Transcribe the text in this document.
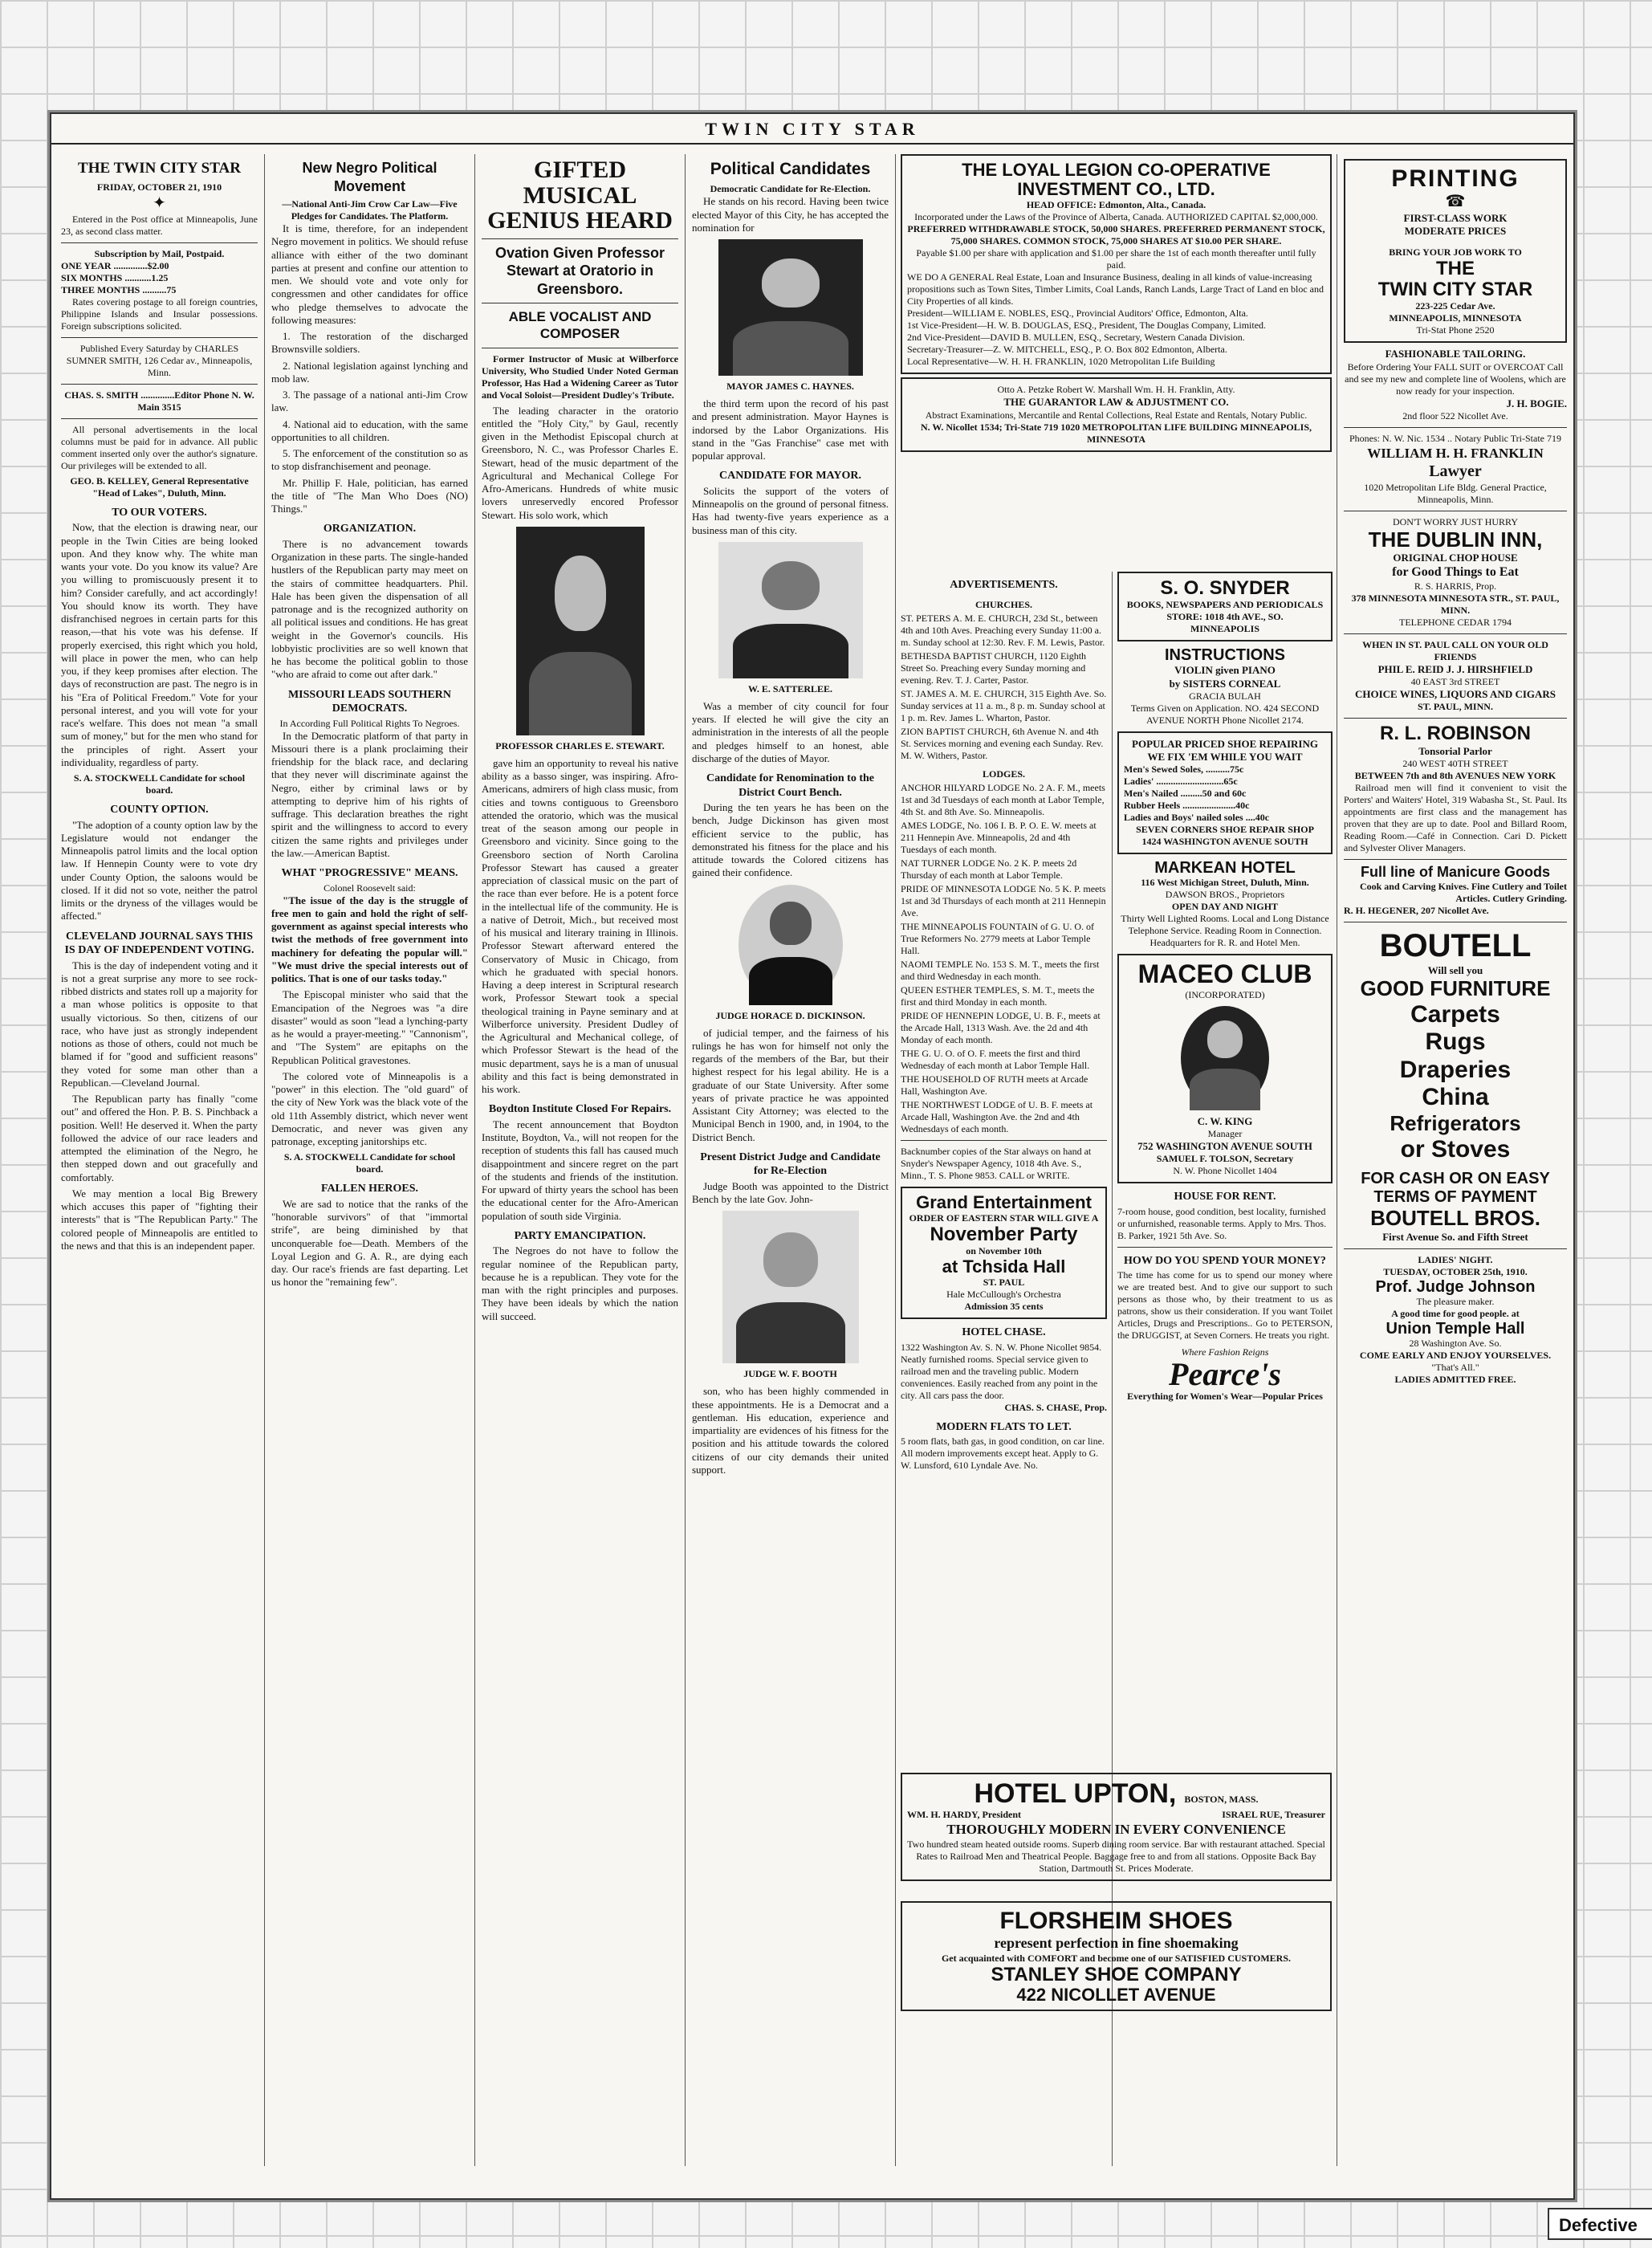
TWIN CITY STAR
THE TWIN CITY STAR
FRIDAY, OCTOBER 21, 1910
✦

Entered in the Post office at Minneapolis, June 23, as second class matter.

Subscription by Mail, Postpaid.
ONE YEAR ..............$2.00
SIX MONTHS ...........1.25
THREE MONTHS ..........75

Rates covering postage to all foreign countries, Philippine Islands and Insular possessions. Foreign subscriptions solicited.

Published Every Saturday by CHARLES SUMNER SMITH, 126 Cedar av., Minneapolis, Minn.
CHAS. S. SMITH ..............Editor Phone N. W. Main 3515

All personal advertisements in the local columns must be paid for in advance. All public comment inserted only over the author's signature. Our privileges will be extended to all.

GEO. B. KELLEY, General Representative "Head of Lakes", Duluth, Minn.
TO OUR VOTERS.

Now, that the election is drawing near, our people in the Twin Cities are being looked upon. And they know why. The white man wants your vote. Do you know its value? Are you willing to promiscuously present it to him? Consider carefully, and act accordingly! You should know its worth. They have disfranchised negroes in certain parts for this reason,—that his vote was his defense. If properly exercised, this right which you hold, will place in power the men, who can help you, if they keep promises after election. The days of reconstruction are past. The negro is in his "Era of Political Freedom." Vote for your personal interest, and you will vote for your race's welfare. This does not mean "a small sum of money," but for the men who stand for the principles of right. Assert your individuality, regardless of party.

S. A. STOCKWELL Candidate for school board.
COUNTY OPTION.

"The adoption of a county option law by the Legislature would not endanger the Minneapolis patrol limits and the local option law. If Hennepin County were to vote dry under County Option, the saloons would be closed. If it did not so vote, neither the patrol limits or the dryness of the villages would be affected."

CLEVELAND JOURNAL SAYS THIS IS DAY OF INDEPENDENT VOTING.

This is the day of independent voting and it is not a great surprise any more to see rock-ribbed districts and states roll up a majority for a man whose politics is opposite to that usually victorious. So then, citizens of our race, who have just as strongly independent notions as those of others, could not much be blamed if for "good and sufficient reasons" they voted for some man other than a Republican.—Cleveland Journal.

The Republican party has finally "come out" and offered the Hon. P. B. S. Pinchback a position. Well! He deserved it. When the party followed the advice of our race leaders and attempted the elimination of the Negro, he then stepped down and out gracefully and comfortably.

We may mention a local Big Brewery which accuses this paper of "fighting their interests" that is "The Republican Party." The colored people of Minneapolis are entitled to the news and that this is an independent paper.

New Negro Political Movement
—National Anti-Jim Crow Car Law—Five Pledges for Candidates. The Platform.

It is time, therefore, for an independent Negro movement in politics. We should refuse alliance with either of the two dominant parties at present and confine our attention to men. We should vote and vote only for congressmen and other candidates for office who pledge themselves to advocate the following measures:

1. The restoration of the discharged Brownsville soldiers.

2. National legislation against lynching and mob law.

3. The passage of a national anti-Jim Crow law.

4. National aid to education, with the same opportunities to all children.

5. The enforcement of the constitution so as to stop disfranchisement and peonage.

Mr. Phillip F. Hale, politician, has earned the title of "The Man Who Does (NO) Things."

ORGANIZATION.

There is no advancement towards Organization in these parts. The single-handed hustlers of the Republican party may meet on the stairs of committee headquarters. Phil. Hale has been given the dispensation of all patronage and is the recognized authority on all political issues and conditions. He has great weight in the Governor's councils. His lobbyistic proclivities are so well known that he has become the political goblin to those "who are afraid to come out after dark."

MISSOURI LEADS SOUTHERN DEMOCRATS.
In According Full Political Rights To Negroes.

In the Democratic platform of that party in Missouri there is a plank proclaiming their friendship for the black race, and declaring that they never will discriminate against the Negro, either by criminal laws or by attempting to deprive him of his rights of suffrage. This declaration breathes the right spirit and the willingness to accord to every citizen the same rights and privileges under the law.—American Baptist.

WHAT "PROGRESSIVE" MEANS.
Colonel Roosevelt said:

"The issue of the day is the struggle of free men to gain and hold the right of self-government as against special interests who twist the methods of free government into machinery for defeating the popular will." "We must drive the special interests out of politics. That is one of our tasks today."

The Episcopal minister who said that the Emancipation of the Negroes was "a dire disaster" would as soon "lead a lynching-party as he would a prayer-meeting." "Cannonism", and "The System" are epitaphs on the Republican Political gravestones.

The colored vote of Minneapolis is a "power" in this election. The "old guard" of the city of New York was the black vote of the old 11th Assembly district, which never went Democratic, and never was given any patronage, excepting janitorships etc.

S. A. STOCKWELL Candidate for school board.
FALLEN HEROES.

We are sad to notice that the ranks of the "honorable survivors" of that "immortal strife", are being diminished by that unconquerable foe—Death. Members of the Loyal Legion and G. A. R., are dying each day. Our race's friends are fast departing. Let us honor the "remaining few".

GIFTED MUSICAL GENIUS HEARD
Ovation Given Professor Stewart at Oratorio in Greensboro.
ABLE VOCALIST AND COMPOSER

Former Instructor of Music at Wilberforce University, Who Studied Under Noted German Professor, Has Had a Widening Career as Tutor and Vocal Soloist—President Dudley's Tribute.

The leading character in the oratorio entitled the "Holy City," by Gaul, recently given in the Methodist Episcopal church at Greensboro, N. C., was Professor Charles E. Stewart, head of the music department of the Agricultural and Mechanical College For Afro-Americans. Hundreds of white music lovers unreservedly encored Professor Stewart. His solo work, which

PROFESSOR CHARLES E. STEWART.

gave him an opportunity to reveal his native ability as a basso singer, was inspiring. Afro-Americans, admirers of high class music, from cities and towns contiguous to Greensboro attended the oratorio, which was the musical treat of the season among our people in Greensboro and vicinity. Since going to the Greensboro section of North Carolina Professor Stewart has caused a greater appreciation of classical music on the part of the race than ever before. He is a potent force in the intellectual life of the community. He is a native of Detroit, Mich., but received most of his musical and literary training in Illinois. Professor Stewart afterward entered the Conservatory of Music in Chicago, from which he graduated with special honors. Having a deep interest in Scriptural research work, Professor Stewart took a special theological training in Payne seminary and at Wilberforce university. President Dudley of the Agricultural and Mechanical college, of which Professor Stewart is the head of the music department, says he is a man of unusual ability and this fact is being demonstrated in his work.

Boydton Institute Closed For Repairs.

The recent announcement that Boydton Institute, Boydton, Va., will not reopen for the reception of students this fall has caused much disappointment and sincere regret on the part of the students and friends of the institution. For upward of thirty years the school has been the educational center for the Afro-American population of south side Virginia.

PARTY EMANCIPATION.

The Negroes do not have to follow the regular nominee of the Republican party, because he is a republican. They vote for the man with the right principles and purposes. They have been ideals by which the nation will succeed.

Political Candidates
Democratic Candidate for Re-Election.

He stands on his record. Having been twice elected Mayor of this City, he has accepted the nomination for

MAYOR JAMES C. HAYNES.

the third term upon the record of his past and present administration. Mayor Haynes is indorsed by the Labor Organizations. His stand in the "Gas Franchise" case met with popular approval.

CANDIDATE FOR MAYOR.

Solicits the support of the voters of Minneapolis on the ground of personal fitness. Has had twenty-five years experience as a business man of this city.

W. E. SATTERLEE.

Was a member of city council for four years. If elected he will give the city an administration in the interests of all the people and pledges himself to an honest, able discharge of the duties of Mayor.

Candidate for Renomination to the District Court Bench.

During the ten years he has been on the bench, Judge Dickinson has given most efficient service to the public, has demonstrated his fitness for the place and his attitude towards the Colored citizens has gained their confidence.

JUDGE HORACE D. DICKINSON.

of judicial temper, and the fairness of his rulings he has won for himself not only the regards of the members of the Bar, but their highest respect for his legal ability. He is a graduate of our State University. After some years of private practice he was appointed Assistant City Attorney; was elected to the Municipal Bench in 1900, and, in 1904, to the District Bench.

Present District Judge and Candidate for Re-Election

Judge Booth was appointed to the District Bench by the late Gov. John-

JUDGE W. F. BOOTH

son, who has been highly commended in these appointments. He is a Democrat and a gentleman. His education, experience and impartiality are evidences of his fitness for the position and his attitude towards the colored citizens of our city demands their united support.

THE LOYAL LEGION CO-OPERATIVE INVESTMENT CO., LTD.
HEAD OFFICE: Edmonton, Alta., Canada.
Incorporated under the Laws of the Province of Alberta, Canada. AUTHORIZED CAPITAL $2,000,000.
PREFERRED WITHDRAWABLE STOCK, 50,000 SHARES. PREFERRED PERMANENT STOCK, 75,000 SHARES. COMMON STOCK, 75,000 SHARES AT $10.00 PER SHARE.
Payable $1.00 per share with application and $1.00 per share the 1st of each month thereafter until fully paid.
WE DO A GENERAL Real Estate, Loan and Insurance Business, dealing in all kinds of value-increasing propositions such as Town Sites, Timber Limits, Coal Lands, Ranch Lands, Large Tract of Land en bloc and City Properties of all kinds.
President—WILLIAM E. NOBLES, ESQ., Provincial Auditors' Office, Edmonton, Alta.
1st Vice-President—H. W. B. DOUGLAS, ESQ., President, The Douglas Company, Limited.
2nd Vice-President—DAVID B. MULLEN, ESQ., Secretary, Western Canada Division.
Secretary-Treasurer—Z. W. MITCHELL, ESQ., P. O. Box 802 Edmonton, Alberta.
Local Representative—W. H. H. FRANKLIN, 1020 Metropolitan Life Building
Otto A. Petzke Robert W. Marshall Wm. H. H. Franklin, Atty.
THE GUARANTOR LAW & ADJUSTMENT CO.
Abstract Examinations, Mercantile and Rental Collections, Real Estate and Rentals, Notary Public.
N. W. Nicollet 1534; Tri-State 719 1020 METROPOLITAN LIFE BUILDING MINNEAPOLIS, MINNESOTA
ADVERTISEMENTS.
CHURCHES.
ST. PETERS A. M. E. CHURCH, 23d St., between 4th and 10th Aves. Preaching every Sunday 11:00 a. m. Sunday school at 12:30. Rev. F. M. Lewis, Pastor.
BETHESDA BAPTIST CHURCH, 1120 Eighth Street So. Preaching every Sunday morning and evening. Rev. T. J. Carter, Pastor.
ST. JAMES A. M. E. CHURCH, 315 Eighth Ave. So. Sunday services at 11 a. m., 8 p. m. Sunday school at 1 p. m. Rev. James L. Wharton, Pastor.
ZION BAPTIST CHURCH, 6th Avenue N. and 4th St. Services morning and evening each Sunday. Rev. M. W. Withers, Pastor.
LODGES.
ANCHOR HILYARD LODGE No. 2 A. F. M., meets 1st and 3d Tuesdays of each month at Labor Temple, 4th St. and 8th Ave. So. Minneapolis.
AMES LODGE, No. 106 I. B. P. O. E. W. meets at 211 Hennepin Ave. Minneapolis, 2d and 4th Tuesdays of each month.
NAT TURNER LODGE No. 2 K. P. meets 2d Thursday of each month at Labor Temple.
PRIDE OF MINNESOTA LODGE No. 5 K. P. meets 1st and 3d Thursdays of each month at 211 Hennepin Ave.
THE MINNEAPOLIS FOUNTAIN of G. U. O. of True Reformers No. 2779 meets at Labor Temple Hall.
NAOMI TEMPLE No. 153 S. M. T., meets the first and third Wednesday in each month.
QUEEN ESTHER TEMPLES, S. M. T., meets the first and third Monday in each month.
PRIDE OF HENNEPIN LODGE, U. B. F., meets at the Arcade Hall, 1313 Wash. Ave. the 2d and 4th Monday of each month.
THE G. U. O. of O. F. meets the first and third Wednesday of each month at Labor Temple Hall.
THE HOUSEHOLD OF RUTH meets at Arcade Hall, Washington Ave.
THE NORTHWEST LODGE of U. B. F. meets at Arcade Hall, Washington Ave. the 2nd and 4th Wednesdays of each month.
Backnumber copies of the Star always on hand at Snyder's Newspaper Agency, 1018 4th Ave. S., Minn., T. S. Phone 9853. CALL or WRITE.
Grand Entertainment
ORDER OF EASTERN STAR WILL GIVE A
November Party
on November 10th
at Tchsida Hall
ST. PAUL
Hale McCullough's Orchestra
Admission 35 cents
HOTEL CHASE.
1322 Washington Av. S. N. W. Phone Nicollet 9854. Neatly furnished rooms. Special service given to railroad men and the traveling public. Modern conveniences. Easily reached from any point in the city. All cars pass the door.
CHAS. S. CHASE, Prop.
MODERN FLATS TO LET.
5 room flats, bath gas, in good condition, on car line. All modern improvements except heat. Apply to G. W. Lunsford, 610 Lyndale Ave. No.
S. O. SNYDER
BOOKS, NEWSPAPERS AND PERIODICALS
STORE: 1018 4th AVE., SO.
MINNEAPOLIS
INSTRUCTIONS
VIOLIN given PIANO
by SISTERS CORNEAL
GRACIA BULAH
Terms Given on Application. NO. 424 SECOND AVENUE NORTH Phone Nicollet 2174.
POPULAR PRICED SHOE REPAIRING
WE FIX 'EM WHILE YOU WAIT
Men's Sewed Soles, ..........75c
Ladies' ............................65c
Men's Nailed .........50 and 60c
Rubber Heels ......................40c
Ladies and Boys' nailed soles ....40c
SEVEN CORNERS SHOE REPAIR SHOP
1424 WASHINGTON AVENUE SOUTH
MARKEAN HOTEL
116 West Michigan Street, Duluth, Minn.
DAWSON BROS., Proprietors
OPEN DAY AND NIGHT
Thirty Well Lighted Rooms. Local and Long Distance Telephone Service. Reading Room in Connection. Headquarters for R. R. and Hotel Men.
MACEO CLUB
(INCORPORATED)
C. W. KING
Manager
752 WASHINGTON AVENUE SOUTH
SAMUEL F. TOLSON, Secretary
N. W. Phone Nicollet 1404
HOUSE FOR RENT.
7-room house, good condition, best locality, furnished or unfurnished, reasonable terms. Apply to Mrs. Thos. B. Parker, 1921 5th Ave. So.
HOW DO YOU SPEND YOUR MONEY?
The time has come for us to spend our money where we are treated best. And to give our support to such persons as those who, by their treatment to us as patrons, show us their consideration. If you want Toilet Articles, Drugs and Prescriptions.. Go to PETERSON, the DRUGGIST, at Seven Corners. He treats you right.
Where Fashion Reigns
Pearce's
Everything for Women's Wear—Popular Prices
HOTEL UPTON, BOSTON, MASS.
WM. H. HARDY, President	ISRAEL RUE, Treasurer
THOROUGHLY MODERN IN EVERY CONVENIENCE
Two hundred steam heated outside rooms. Superb dining room service. Bar with restaurant attached. Special Rates to Railroad Men and Theatrical People. Baggage free to and from all stations. Opposite Back Bay Station, Dartmouth St. Prices Moderate.
FLORSHEIM SHOES
represent perfection in fine shoemaking
Get acquainted with COMFORT and become one of our SATISFIED CUSTOMERS.
STANLEY SHOE COMPANY
422 NICOLLET AVENUE
PRINTING
☎
FIRST-CLASS WORK
MODERATE PRICES
BRING YOUR JOB WORK TO
THE
TWIN CITY STAR
223-225 Cedar Ave.
MINNEAPOLIS, MINNESOTA
Tri-Stat Phone 2520
FASHIONABLE TAILORING.
Before Ordering Your FALL SUIT or OVERCOAT Call and see my new and complete line of Woolens, which are now ready for your inspection.
J. H. BOGIE.
2nd floor 522 Nicollet Ave.
Phones: N. W. Nic. 1534 .. Notary Public Tri-State 719
WILLIAM H. H. FRANKLIN
Lawyer
1020 Metropolitan Life Bldg. General Practice, Minneapolis, Minn.
DON'T WORRY JUST HURRY
THE DUBLIN INN,
ORIGINAL CHOP HOUSE
for Good Things to Eat
R. S. HARRIS, Prop.
378 MINNESOTA MINNESOTA STR., ST. PAUL, MINN.
TELEPHONE CEDAR 1794
WHEN IN ST. PAUL CALL ON YOUR OLD FRIENDS
PHIL E. REID J. J. HIRSHFIELD
40 EAST 3rd STREET
CHOICE WINES, LIQUORS AND CIGARS
ST. PAUL, MINN.
R. L. ROBINSON
Tonsorial Parlor
240 WEST 40TH STREET
BETWEEN 7th and 8th AVENUES NEW YORK

Railroad men will find it convenient to visit the Porters' and Waiters' Hotel, 319 Wabasha St., St. Paul. Its appointments are first class and the management has proven that they are up to date. Pool and Billard Room, Reading Room.—Café in Connection. Cari D. Pickett and Sylvester Oliver Managers.

Full line of Manicure Goods
Cook and Carving Knives. Fine Cutlery and Toilet Articles. Cutlery Grinding.
R. H. HEGENER, 207 Nicollet Ave.
BOUTELL
Will sell you
GOOD FURNITURE
Carpets
Rugs
Draperies
China
Refrigerators
or Stoves
FOR CASH OR ON EASY TERMS OF PAYMENT
BOUTELL BROS.
First Avenue So. and Fifth Street
LADIES' NIGHT.
TUESDAY, OCTOBER 25th, 1910.
Prof. Judge Johnson
The pleasure maker.
A good time for good people. at
Union Temple Hall
28 Washington Ave. So.
COME EARLY AND ENJOY YOURSELVES.
"That's All."
LADIES ADMITTED FREE.
Defective
